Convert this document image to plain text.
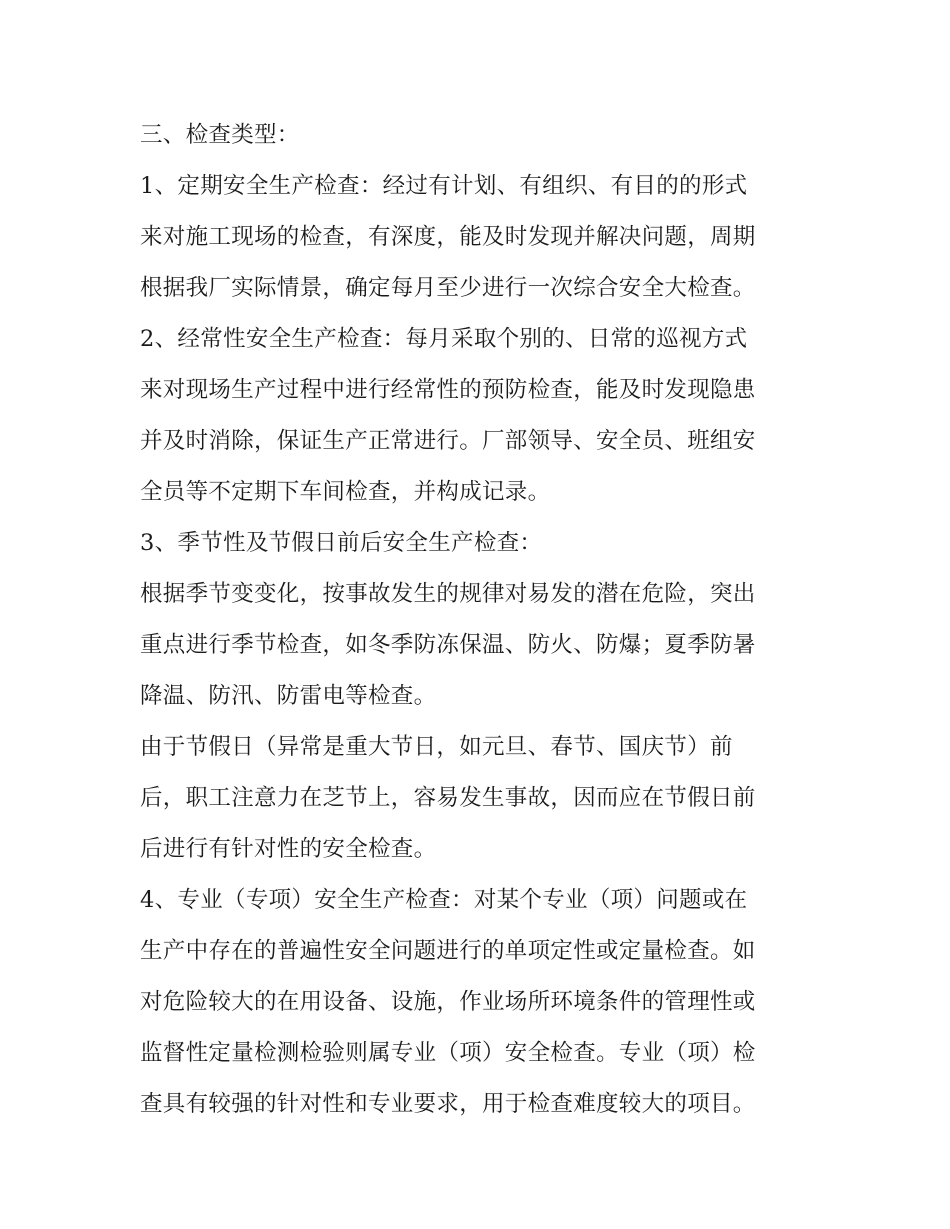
三、检查类型：
1、定期安全生产检查：经过有计划、有组织、有目的的形式
来对施工现场的检查，有深度，能及时发现并解决问题，周期
根据我厂实际情景，确定每月至少进行一次综合安全大检查。
2、经常性安全生产检查：每月采取个别的、日常的巡视方式
来对现场生产过程中进行经常性的预防检查，能及时发现隐患
并及时消除，保证生产正常进行。厂部领导、安全员、班组安
全员等不定期下车间检查，并构成记录。
3、季节性及节假日前后安全生产检查：
根据季节变变化，按事故发生的规律对易发的潜在危险，突出
重点进行季节检查，如冬季防冻保温、防火、防爆；夏季防暑
降温、防汛、防雷电等检查。
由于节假日（异常是重大节日，如元旦、春节、国庆节）前
后，职工注意力在芝节上，容易发生事故，因而应在节假日前
后进行有针对性的安全检查。
4、专业（专项）安全生产检查：对某个专业（项）问题或在
生产中存在的普遍性安全问题进行的单项定性或定量检查。如
对危险较大的在用设备、设施，作业场所环境条件的管理性或
监督性定量检测检验则属专业（项）安全检查。专业（项）检
查具有较强的针对性和专业要求，用于检查难度较大的项目。
